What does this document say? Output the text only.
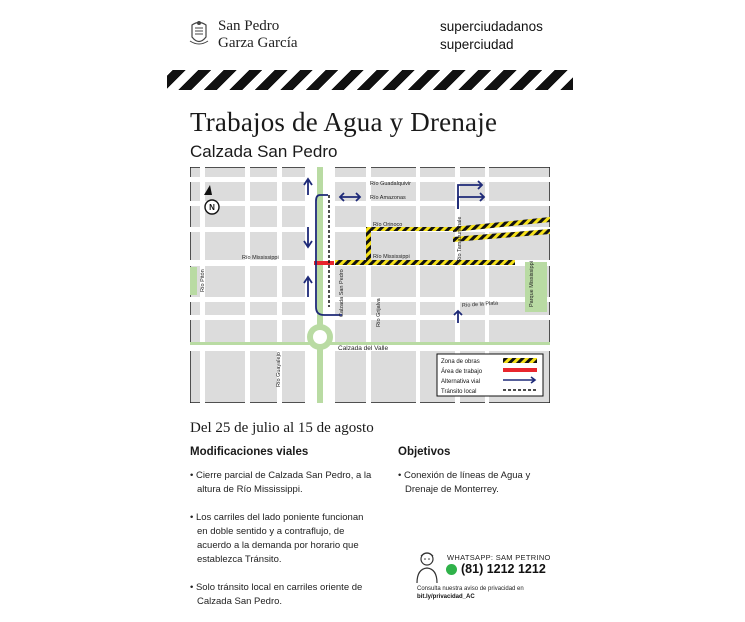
San Pedro
Garza García
superciudadanos
superciudad
Trabajos de Agua y Drenaje
Calzada San Pedro
N
Río Guadalquivir
Río Amazonas
Río Orinoco
Río Mississippi	Río Mississippi
Río de la Plata
Río Pitón	Calzada San Pedro	Río Grijalva
Río Tamazunchale
Parque Mississippi
Calzada del Valle
Río Guayalejo	Zona de obras
Área de trabajo
Alternativa vial
Tránsito local
Del 25 de julio al 15 de agosto
Modificaciones viales
• Cierre parcial de Calzada San Pedro, a la
altura de Río Mississippi.
• Los carriles del lado poniente funcionan
en doble sentido y a contraflujo, de
acuerdo a la demanda por horario que
establezca Tránsito.
• Solo tránsito local en carriles oriente de
Calzada San Pedro.
Objetivos
• Conexión de líneas de Agua y
Drenaje de Monterrey.
WHATSAPP: SAM PETRINO
(81) 1212 1212
Consulta nuestra aviso de privacidad en
bit.ly/privacidad_AC
